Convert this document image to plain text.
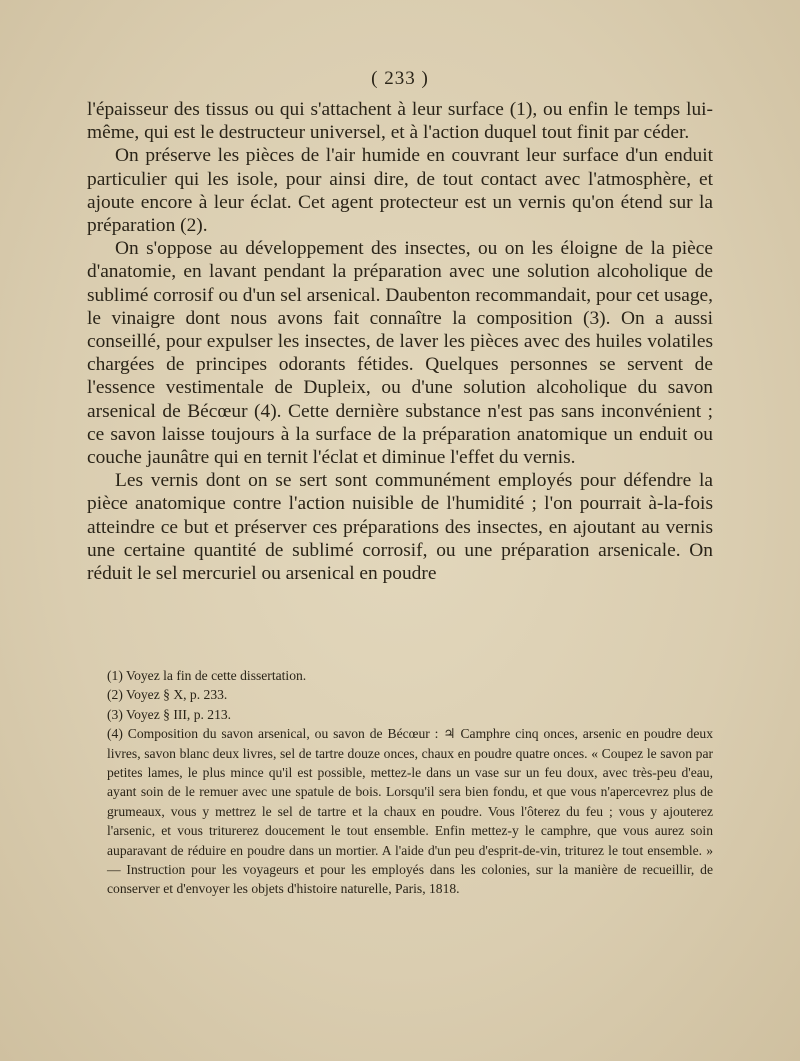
( 233 )

l'épaisseur des tissus ou qui s'attachent à leur surface (1), ou enfin le temps lui-même, qui est le destructeur universel, et à l'action duquel tout finit par céder.

On préserve les pièces de l'air humide en couvrant leur surface d'un enduit particulier qui les isole, pour ainsi dire, de tout contact avec l'atmosphère, et ajoute encore à leur éclat. Cet agent protecteur est un vernis qu'on étend sur la préparation (2).

On s'oppose au développement des insectes, ou on les éloigne de la pièce d'anatomie, en lavant pendant la préparation avec une solution alcoholique de sublimé corrosif ou d'un sel arsenical. Daubenton recommandait, pour cet usage, le vinaigre dont nous avons fait connaître la composition (3). On a aussi conseillé, pour expulser les insectes, de laver les pièces avec des huiles volatiles chargées de principes odorants fétides. Quelques personnes se servent de l'essence vestimentale de Dupleix, ou d'une solution alcoholique du savon arsenical de Bécœur (4). Cette dernière substance n'est pas sans inconvénient ; ce savon laisse toujours à la surface de la préparation anatomique un enduit ou couche jaunâtre qui en ternit l'éclat et diminue l'effet du vernis.

Les vernis dont on se sert sont communément employés pour défendre la pièce anatomique contre l'action nuisible de l'humidité ; l'on pourrait à-la-fois atteindre ce but et préserver ces préparations des insectes, en ajoutant au vernis une certaine quantité de sublimé corrosif, ou une préparation arsenicale. On réduit le sel mercuriel ou arsenical en poudre

(1) Voyez la fin de cette dissertation.

(2) Voyez § X, p. 233.

(3) Voyez § III, p. 213.

(4) Composition du savon arsenical, ou savon de Bécœur : ♃ Camphre cinq onces, arsenic en poudre deux livres, savon blanc deux livres, sel de tartre douze onces, chaux en poudre quatre onces. « Coupez le savon par petites lames, le plus mince qu'il est possible, mettez-le dans un vase sur un feu doux, avec très-peu d'eau, ayant soin de le remuer avec une spatule de bois. Lorsqu'il sera bien fondu, et que vous n'apercevrez plus de grumeaux, vous y mettrez le sel de tartre et la chaux en poudre. Vous l'ôterez du feu ; vous y ajouterez l'arsenic, et vous triturerez doucement le tout ensemble. Enfin mettez-y le camphre, que vous aurez soin auparavant de réduire en poudre dans un mortier. A l'aide d'un peu d'esprit-de-vin, triturez le tout ensemble. » — Instruction pour les voyageurs et pour les employés dans les colonies, sur la manière de recueillir, de conserver et d'envoyer les objets d'histoire naturelle, Paris, 1818.
